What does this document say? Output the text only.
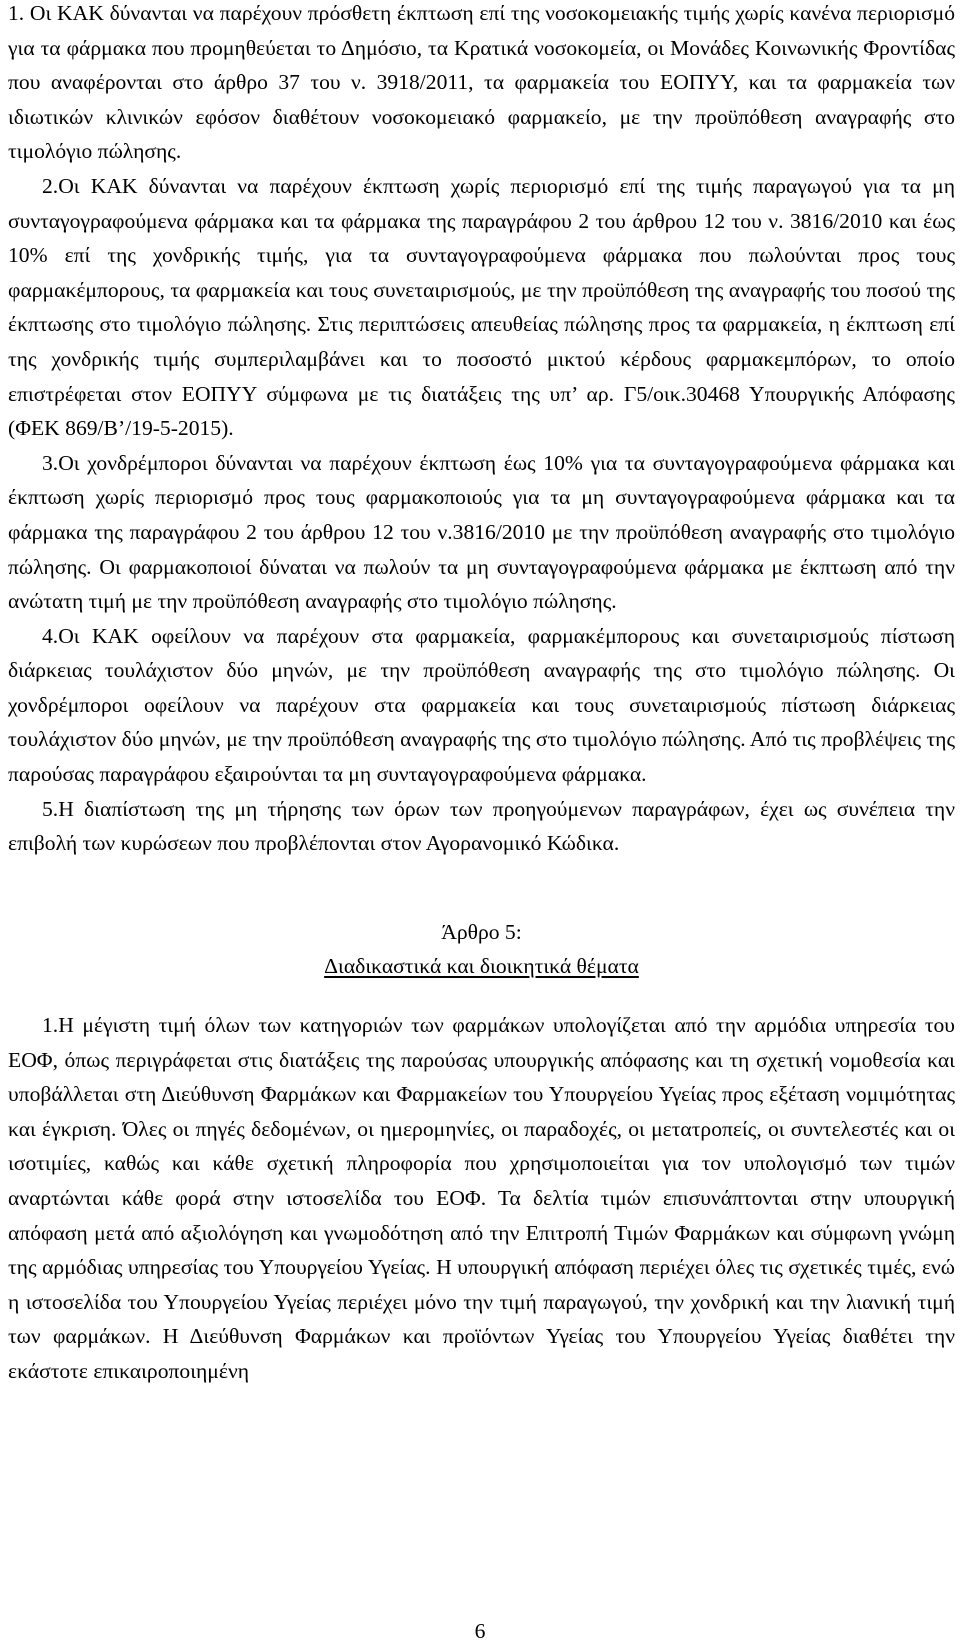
1. Οι ΚΑΚ δύνανται να παρέχουν πρόσθετη έκπτωση επί της νοσοκομειακής τιμής χωρίς κανένα περιορισμό για τα φάρμακα που προμηθεύεται το Δημόσιο, τα Κρατικά νοσοκομεία, οι Μονάδες Κοινωνικής Φροντίδας που αναφέρονται στο άρθρο 37 του ν. 3918/2011, τα φαρμακεία του ΕΟΠΥΥ, και τα φαρμακεία των ιδιωτικών κλινικών εφόσον διαθέτουν νοσοκομειακό φαρμακείο, με την προϋπόθεση αναγραφής στο τιμολόγιο πώλησης.

2.Οι ΚΑΚ δύνανται να παρέχουν έκπτωση χωρίς περιορισμό επί της τιμής παραγωγού για τα μη συνταγογραφούμενα φάρμακα και τα φάρμακα της παραγράφου 2 του άρθρου 12 του ν. 3816/2010 και έως 10% επί της χονδρικής τιμής, για τα συνταγογραφούμενα φάρμακα που πωλούνται προς τους φαρμακέμπορους, τα φαρμακεία και τους συνεταιρισμούς, με την προϋπόθεση της αναγραφής του ποσού της έκπτωσης στο τιμολόγιο πώλησης. Στις περιπτώσεις απευθείας πώλησης προς τα φαρμακεία, η έκπτωση επί της χονδρικής τιμής συμπεριλαμβάνει και το ποσοστό μικτού κέρδους φαρμακεμπόρων, το οποίο επιστρέφεται στον ΕΟΠΥΥ σύμφωνα με τις διατάξεις της υπ’ αρ. Γ5/οικ.30468 Υπουργικής Απόφασης (ΦΕΚ 869/Β’/19-5-2015).

3.Οι χονδρέμποροι δύνανται να παρέχουν έκπτωση έως 10% για τα συνταγογραφούμενα φάρμακα και έκπτωση χωρίς περιορισμό προς τους φαρμακοποιούς για τα μη συνταγογραφούμενα φάρμακα και τα φάρμακα της παραγράφου 2 του άρθρου 12 του ν.3816/2010 με την προϋπόθεση αναγραφής στο τιμολόγιο πώλησης. Οι φαρμακοποιοί δύναται να πωλούν τα μη συνταγογραφούμενα φάρμακα με έκπτωση από την ανώτατη τιμή με την προϋπόθεση αναγραφής στο τιμολόγιο πώλησης.

4.Οι ΚΑΚ οφείλουν να παρέχουν στα φαρμακεία, φαρμακέμπορους και συνεταιρισμούς πίστωση διάρκειας τουλάχιστον δύο μηνών, με την προϋπόθεση αναγραφής της στο τιμολόγιο πώλησης. Οι χονδρέμποροι οφείλουν να παρέχουν στα φαρμακεία και τους συνεταιρισμούς πίστωση διάρκειας τουλάχιστον δύο μηνών, με την προϋπόθεση αναγραφής της στο τιμολόγιο πώλησης. Από τις προβλέψεις της παρούσας παραγράφου εξαιρούνται τα μη συνταγογραφούμενα φάρμακα.

5.Η διαπίστωση της μη τήρησης των όρων των προηγούμενων παραγράφων, έχει ως συνέπεια την επιβολή των κυρώσεων που προβλέπονται στον Αγορανομικό Κώδικα.

Άρθρο 5:
Διαδικαστικά και διοικητικά θέματα

1.Η μέγιστη τιμή όλων των κατηγοριών των φαρμάκων υπολογίζεται από την αρμόδια υπηρεσία του ΕΟΦ, όπως περιγράφεται στις διατάξεις της παρούσας υπουργικής απόφασης και τη σχετική νομοθεσία και υποβάλλεται στη Διεύθυνση Φαρμάκων και Φαρμακείων του Υπουργείου Υγείας προς εξέταση νομιμότητας και έγκριση. Όλες οι πηγές δεδομένων, οι ημερομηνίες, οι παραδοχές, οι μετατροπείς, οι συντελεστές και οι ισοτιμίες, καθώς και κάθε σχετική πληροφορία που χρησιμοποιείται για τον υπολογισμό των τιμών αναρτώνται κάθε φορά στην ιστοσελίδα του ΕΟΦ. Τα δελτία τιμών επισυνάπτονται στην υπουργική απόφαση μετά από αξιολόγηση και γνωμοδότηση από την Επιτροπή Τιμών Φαρμάκων και σύμφωνη γνώμη της αρμόδιας υπηρεσίας του Υπουργείου Υγείας. Η υπουργική απόφαση περιέχει όλες τις σχετικές τιμές, ενώ η ιστοσελίδα του Υπουργείου Υγείας περιέχει μόνο την τιμή παραγωγού, την χονδρική και την λιανική τιμή των φαρμάκων. Η Διεύθυνση Φαρμάκων και προϊόντων Υγείας του Υπουργείου Υγείας διαθέτει την εκάστοτε επικαιροποιημένη

6
